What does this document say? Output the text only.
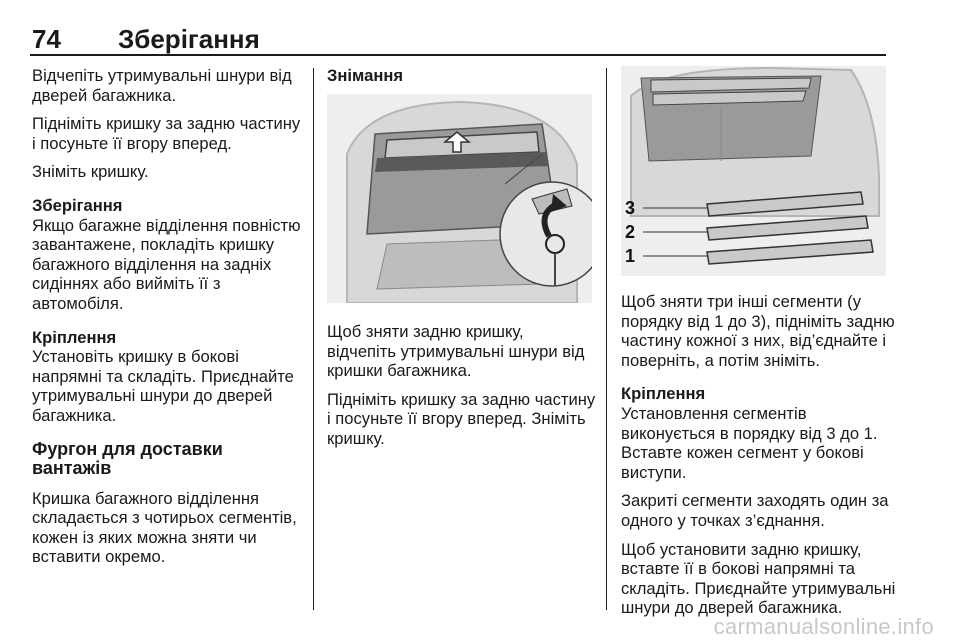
74 Зберігання

Відчепіть утримувальні шнури від дверей багажника.

Підніміть кришку за задню частину і посуньте її вгору вперед.

Зніміть кришку.

Зберігання

Якщо багажне відділення повністю завантажене, покладіть кришку багажного відділення на задніх сидіннях або вийміть її з автомобіля.

Кріплення

Установіть кришку в бокові напрямні та складіть. Приєднайте утримувальні шнури до дверей багажника.

Фургон для доставки вантажів

Кришка багажного відділення складається з чотирьох сегментів, кожен із яких можна зняти чи вставити окремо.

Знімання

Щоб зняти задню кришку, відчепіть утримувальні шнури від кришки багажника.

Підніміть кришку за задню частину і посуньте її вгору вперед. Зніміть кришку.

3
2
1

Щоб зняти три інші сегменти (у порядку від 1 до 3), підніміть задню частину кожної з них, від’єднайте і поверніть, а потім зніміть.

Кріплення

Установлення сегментів виконується в порядку від 3 до 1. Вставте кожен сегмент у бокові виступи.

Закриті сегменти заходять один за одного у точках з’єднання.

Щоб установити задню кришку, вставте її в бокові напрямні та складіть. Приєднайте утримувальні шнури до дверей багажника.

carmanualsonline.info
